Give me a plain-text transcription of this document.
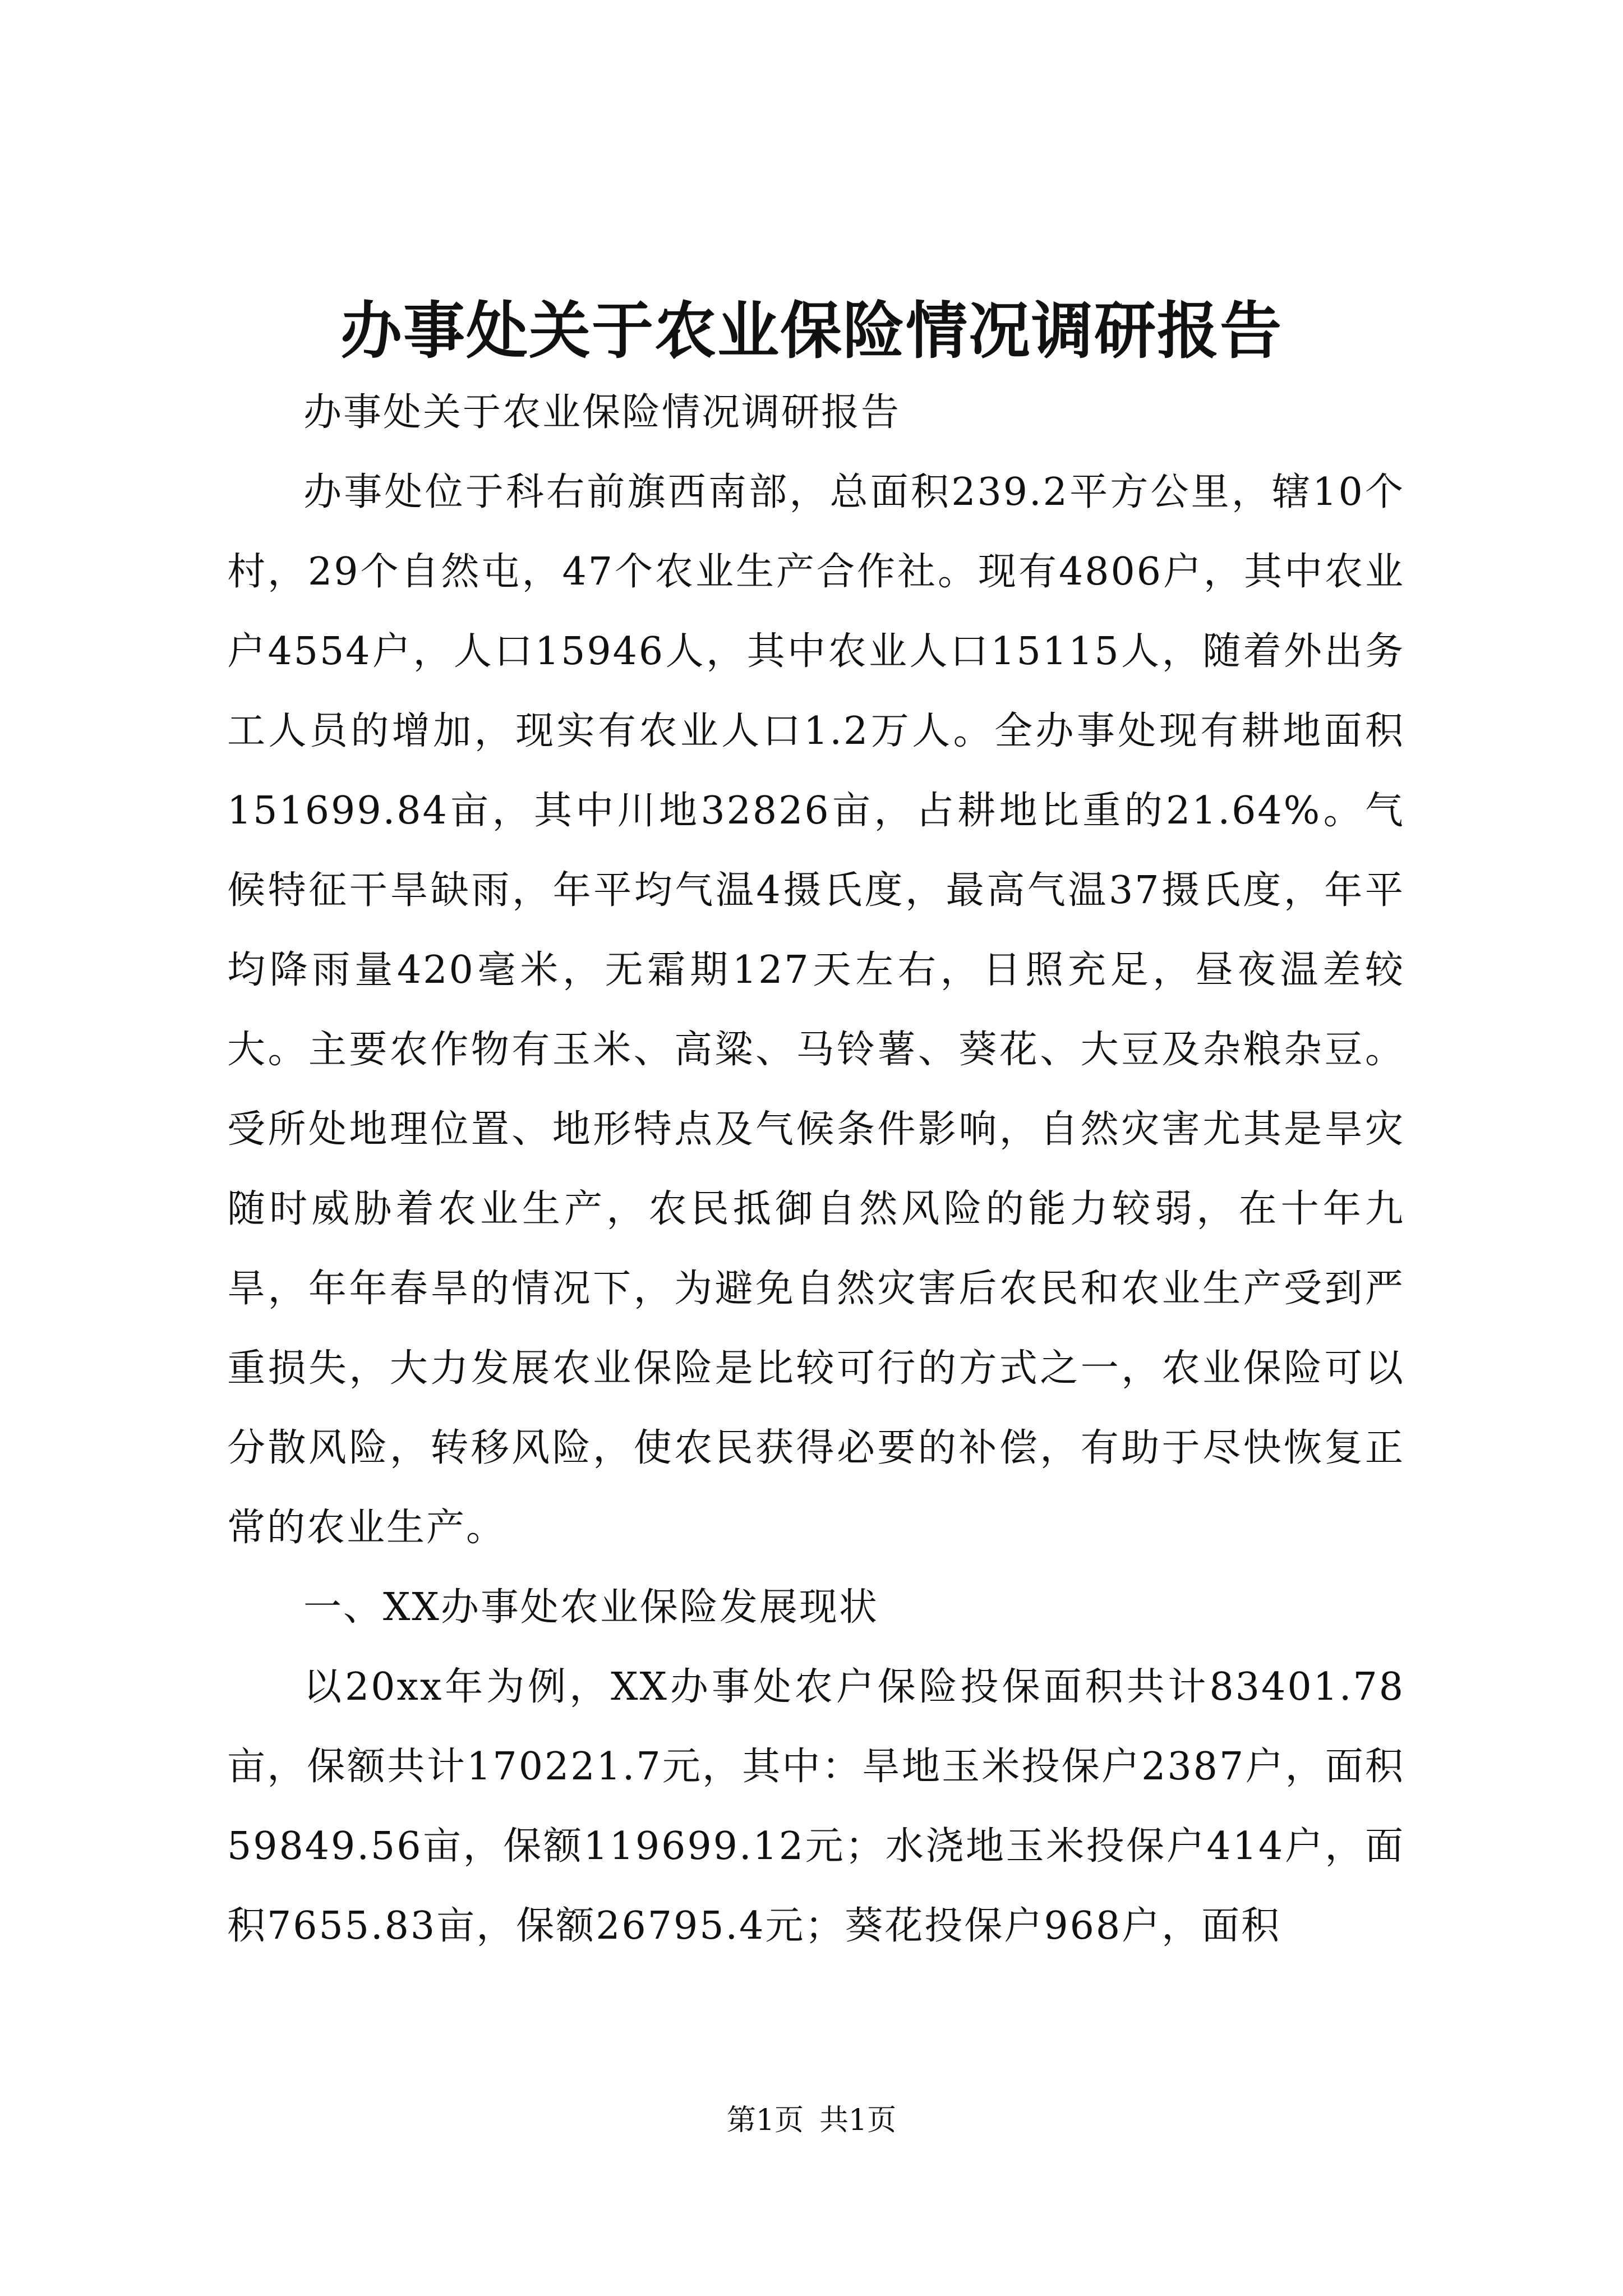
办事处关于农业保险情况调研报告

办事处关于农业保险情况调研报告

办事处位于科右前旗西南部，总面积239.2平方公里，辖10个村，29个自然屯，47个农业生产合作社。现有4806户，其中农业户4554户，人口15946人，其中农业人口15115人，随着外出务工人员的增加，现实有农业人口1.2万人。全办事处现有耕地面积151699.84亩，其中川地32826亩，占耕地比重的21.64%。气候特征干旱缺雨，年平均气温4摄氏度，最高气温37摄氏度，年平均降雨量420毫米，无霜期127天左右，日照充足，昼夜温差较大。主要农作物有玉米、高粱、马铃薯、葵花、大豆及杂粮杂豆。受所处地理位置、地形特点及气候条件影响，自然灾害尤其是旱灾随时威胁着农业生产，农民抵御自然风险的能力较弱，在十年九旱，年年春旱的情况下，为避免自然灾害后农民和农业生产受到严重损失，大力发展农业保险是比较可行的方式之一，农业保险可以分散风险，转移风险，使农民获得必要的补偿，有助于尽快恢复正常的农业生产。

一、XX办事处农业保险发展现状

以20xx年为例，XX办事处农户保险投保面积共计83401.78亩，保额共计170221.7元，其中：旱地玉米投保户2387户，面积59849.56亩，保额119699.12元；水浇地玉米投保户414户，面积7655.83亩，保额26795.4元；葵花投保户968户，面积

第1页 共1页
